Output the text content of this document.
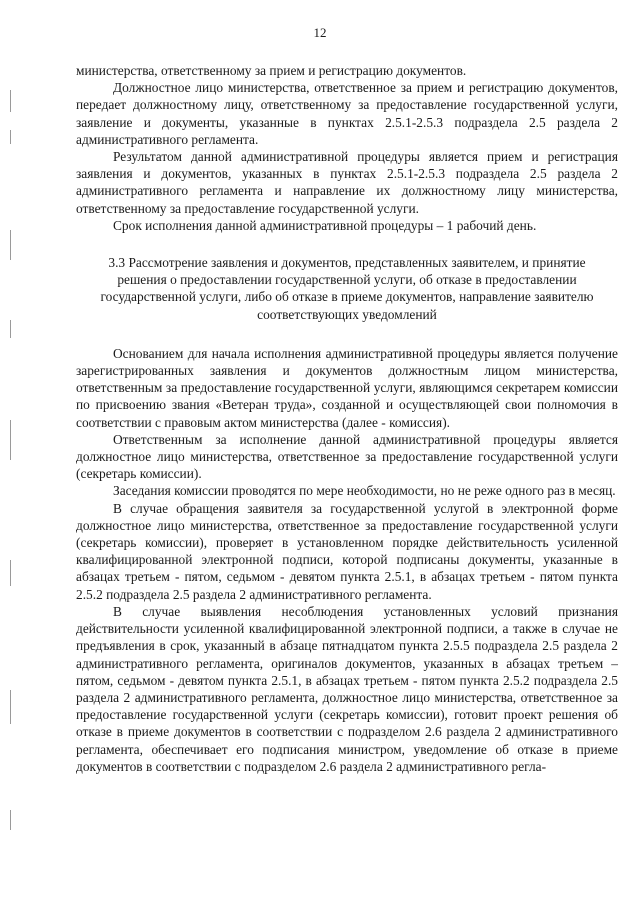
12

министерства, ответственному за прием и регистрацию документов.

Должностное лицо министерства, ответственное за прием и регистрацию документов, передает должностному лицу, ответственному за предоставление государственной услуги, заявление и документы, указанные в пунктах 2.5.1-2.5.3 подраздела 2.5 раздела 2 административного регламента.

Результатом данной административной процедуры является прием и регистрация заявления и документов, указанных в пунктах 2.5.1-2.5.3 подраздела 2.5 раздела 2 административного регламента и направление их должностному лицу министерства, ответственному за предоставление государственной услуги.

Срок исполнения данной административной процедуры – 1 рабочий день.

3.3 Рассмотрение заявления и документов, представленных заявителем, и принятие решения о предоставлении государственной услуги, об отказе в предоставлении государственной услуги, либо об отказе в приеме документов, направление заявителю соответствующих уведомлений

Основанием для начала исполнения административной процедуры является получение зарегистрированных заявления и документов должностным лицом министерства, ответственным за предоставление государственной услуги, являющимся секретарем комиссии по присвоению звания «Ветеран труда», созданной и осуществляющей свои полномочия в соответствии с правовым актом министерства (далее - комиссия).

Ответственным за исполнение данной административной процедуры является должностное лицо министерства, ответственное за предоставление государственной услуги (секретарь комиссии).

Заседания комиссии проводятся по мере необходимости, но не реже одного раз в месяц.

В случае обращения заявителя за государственной услугой в электронной форме должностное лицо министерства, ответственное за предоставление государственной услуги (секретарь комиссии), проверяет в установленном порядке действительность усиленной квалифицированной электронной подписи, которой подписаны документы, указанные в абзацах третьем - пятом, седьмом - девятом пункта 2.5.1, в абзацах третьем - пятом пункта 2.5.2 подраздела 2.5 раздела 2 административного регламента.

В случае выявления несоблюдения установленных условий признания действительности усиленной квалифицированной электронной подписи, а также в случае не предъявления в срок, указанный в абзаце пятнадцатом пункта 2.5.5 подраздела 2.5 раздела 2 административного регламента, оригиналов документов, указанных в абзацах третьем – пятом, седьмом - девятом пункта 2.5.1, в абзацах третьем - пятом пункта 2.5.2 подраздела 2.5 раздела 2 административного регламента, должностное лицо министерства, ответственное за предоставление государственной услуги (секретарь комиссии), готовит проект решения об отказе в приеме документов в соответствии с подразделом 2.6 раздела 2 административного регламента, обеспечивает его подписания министром, уведомление об отказе в приеме документов в соответствии с подразделом 2.6 раздела 2 административного регла-
